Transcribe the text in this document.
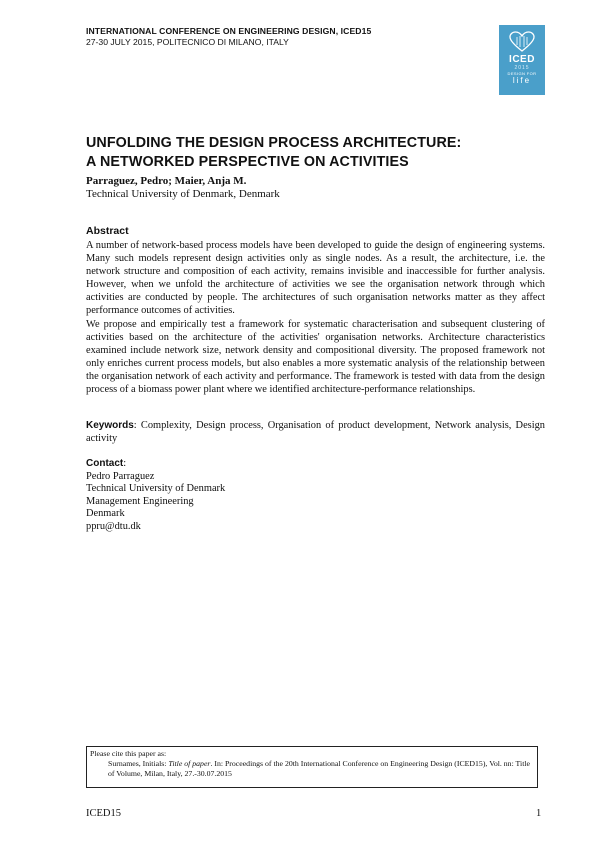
INTERNATIONAL CONFERENCE ON ENGINEERING DESIGN, ICED15
27-30 JULY 2015, POLITECNICO DI MILANO, ITALY
ICED
2015
DESIGN FOR
life
UNFOLDING THE DESIGN PROCESS ARCHITECTURE:
A NETWORKED PERSPECTIVE ON ACTIVITIES
Parraguez, Pedro; Maier, Anja M.
Technical University of Denmark, Denmark
Abstract

A number of network-based process models have been developed to guide the design of engineering systems. Many such models represent design activities only as single nodes. As a result, the architecture, i.e. the network structure and composition of each activity, remains invisible and inaccessible for further analysis. However, when we unfold the architecture of activities we see the organisation network through which activities are conducted by people. The architectures of such organisation networks matter as they affect performance outcomes of activities.

We propose and empirically test a framework for systematic characterisation and subsequent clustering of activities based on the architecture of the activities' organisation networks. Architecture characteristics examined include network size, network density and compositional diversity. The proposed framework not only enriches current process models, but also enables a more systematic analysis of the relationship between the organisation network of each activity and performance. The framework is tested with data from the design process of a biomass power plant where we identified architecture-performance relationships.

Keywords: Complexity, Design process, Organisation of product development, Network analysis, Design activity
Contact:
Pedro Parraguez
Technical University of Denmark
Management Engineering
Denmark
ppru@dtu.dk
Please cite this paper as:
Surnames, Initials: Title of paper. In: Proceedings of the 20th International Conference on Engineering Design (ICED15), Vol. nn: Title of Volume, Milan, Italy, 27.-30.07.2015
ICED15	1
